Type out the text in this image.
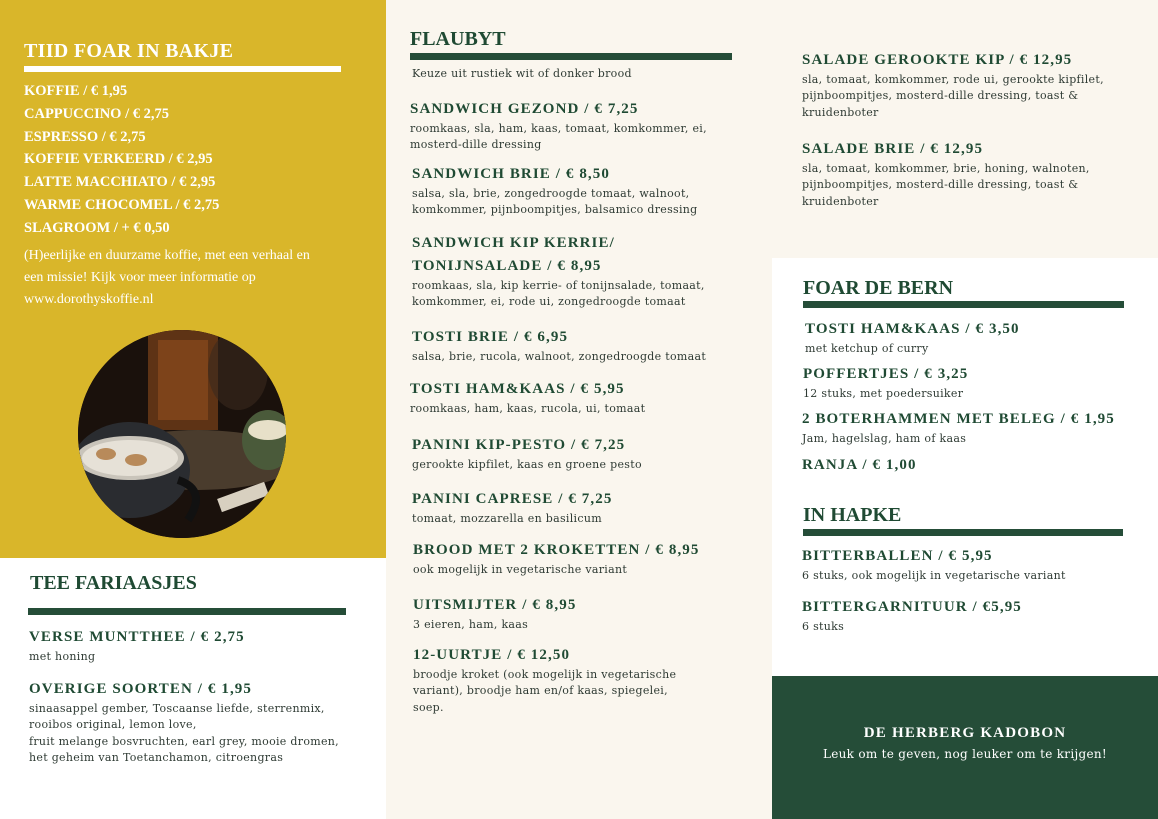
TIID FOAR IN BAKJE
KOFFIE / € 1,95
CAPPUCCINO / € 2,75
ESPRESSO / € 2,75
KOFFIE VERKEERD / € 2,95
LATTE MACCHIATO / € 2,95
WARME CHOCOMEL / € 2,75
SLAGROOM / + € 0,50
(H)eerlijke en duurzame koffie, met een verhaal en
een missie! Kijk voor meer informatie op
www.dorothyskoffie.nl
TEE FARIAASJES
VERSE MUNTTHEE / € 2,75
met honing
OVERIGE SOORTEN / € 1,95
sinaasappel gember, Toscaanse liefde, sterrenmix,
rooibos original, lemon love,
fruit melange bosvruchten, earl grey, mooie dromen,
het geheim van Toetanchamon, citroengras
FLAUBYT
Keuze uit rustiek wit of donker brood
SANDWICH GEZOND / € 7,25
roomkaas, sla, ham, kaas, tomaat, komkommer, ei,
mosterd-dille dressing
SANDWICH BRIE / € 8,50
salsa, sla, brie, zongedroogde tomaat, walnoot,
komkommer, pijnboompitjes, balsamico dressing
SANDWICH KIP KERRIE/
TONIJNSALADE / € 8,95
roomkaas, sla, kip kerrie- of tonijnsalade, tomaat,
komkommer, ei, rode ui, zongedroogde tomaat
TOSTI BRIE / € 6,95
salsa, brie, rucola, walnoot, zongedroogde tomaat
TOSTI HAM&KAAS / € 5,95
roomkaas, ham, kaas, rucola, ui, tomaat
PANINI KIP-PESTO / € 7,25
gerookte kipfilet, kaas en groene pesto
PANINI CAPRESE / € 7,25
tomaat, mozzarella en basilicum
BROOD MET 2 KROKETTEN / € 8,95
ook mogelijk in vegetarische variant
UITSMIJTER / € 8,95
3 eieren, ham, kaas
12-UURTJE / € 12,50
broodje kroket (ook mogelijk in vegetarische
variant), broodje ham en/of kaas, spiegelei,
soep.
SALADE GEROOKTE KIP / € 12,95
sla, tomaat, komkommer, rode ui, gerookte kipfilet,
pijnboompitjes, mosterd-dille dressing, toast &
kruidenboter
SALADE BRIE / € 12,95
sla, tomaat, komkommer, brie, honing, walnoten,
pijnboompitjes, mosterd-dille dressing, toast &
kruidenboter
FOAR DE BERN
TOSTI HAM&KAAS / € 3,50
met ketchup of curry
POFFERTJES / € 3,25
12 stuks, met poedersuiker
2 BOTERHAMMEN MET BELEG / € 1,95
Jam, hagelslag, ham of kaas
RANJA / € 1,00
IN HAPKE
BITTERBALLEN / € 5,95
6 stuks, ook mogelijk in vegetarische variant
BITTERGARNITUUR / €5,95
6 stuks
DE HERBERG KADOBON
Leuk om te geven, nog leuker om te krijgen!
